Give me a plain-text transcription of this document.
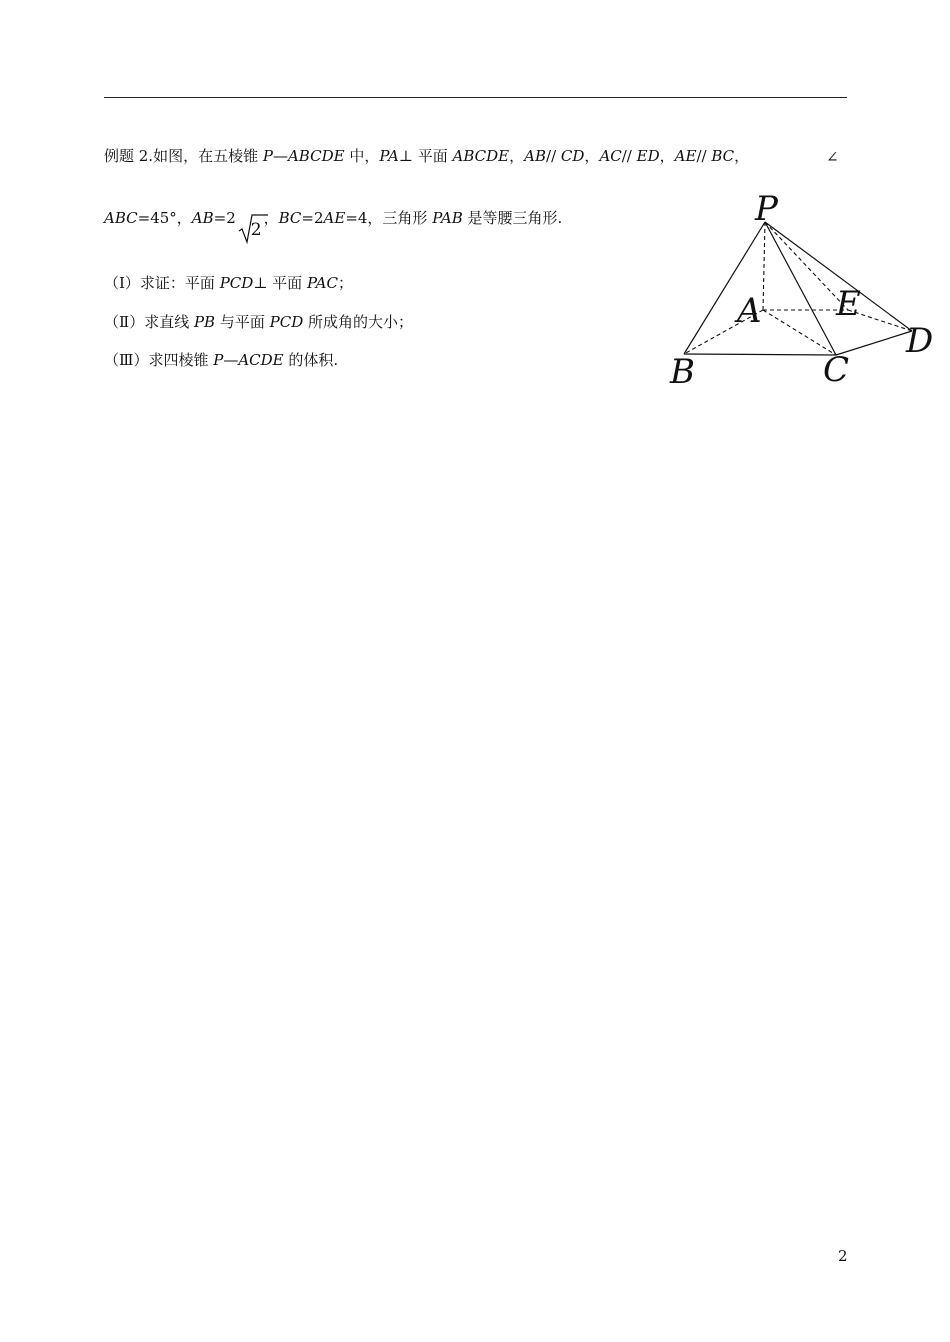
例题 2.如图，在五棱锥 P—ABCDE 中，PA⊥ 平面 ABCDE，AB// CD，AC// ED，AE// BC，	∠
ABC=45°，AB=2
2，BC=2AE=4，三角形 PAB 是等腰三角形.
（Ⅰ）求证：平面 PCD⊥ 平面 PAC；
（Ⅱ）求直线 PB 与平面 PCD 所成角的大小；
（Ⅲ）求四棱锥 P—ACDE 的体积.
P
A E
D
B	C
2
